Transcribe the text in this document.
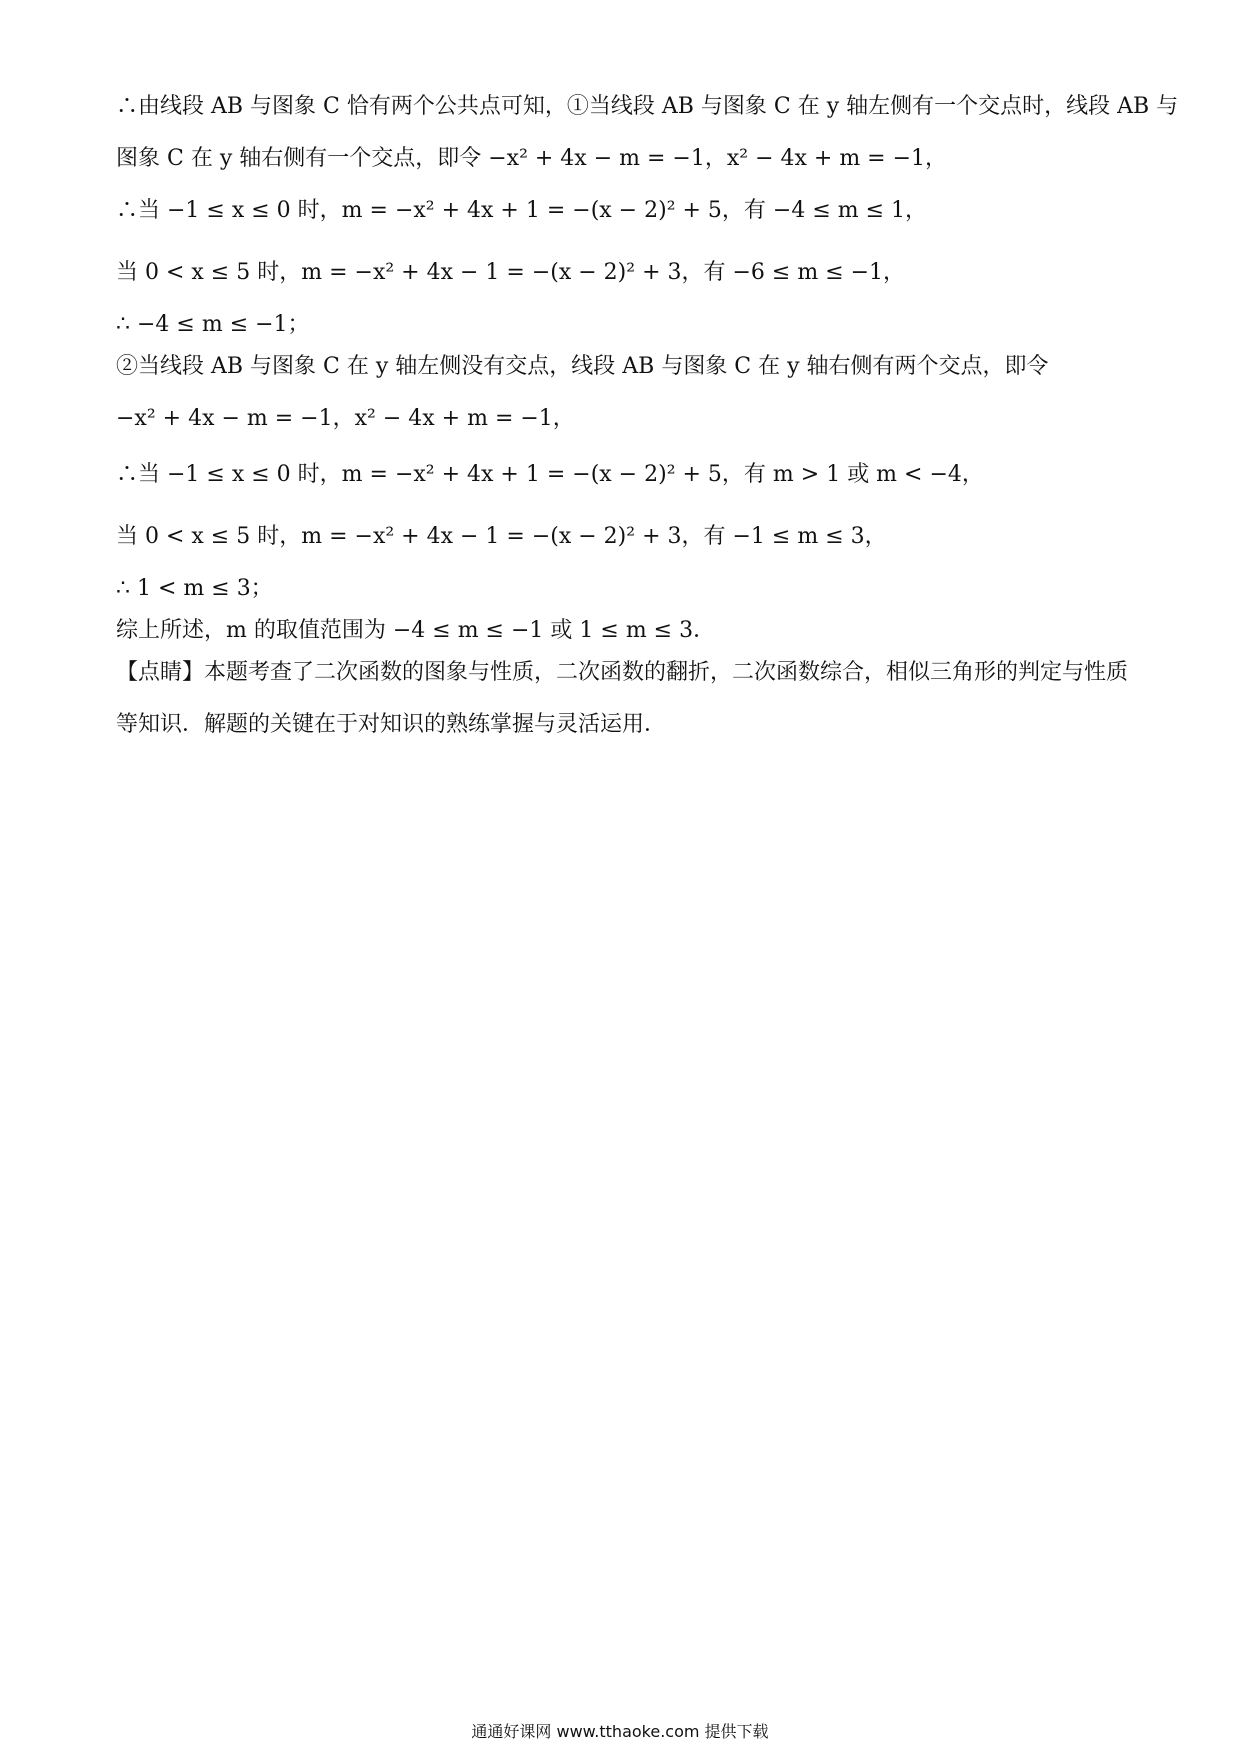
∴由线段 AB 与图象 C 恰有两个公共点可知，①当线段 AB 与图象 C 在 y 轴左侧有一个交点时，线段 AB 与
图象 C 在 y 轴右侧有一个交点，即令 −x² + 4x − m = −1，x² − 4x + m = −1，
∴当 −1 ≤ x ≤ 0 时，m = −x² + 4x + 1 = −(x − 2)² + 5，有 −4 ≤ m ≤ 1，
当 0 < x ≤ 5 时，m = −x² + 4x − 1 = −(x − 2)² + 3，有 −6 ≤ m ≤ −1，
∴ −4 ≤ m ≤ −1；
②当线段 AB 与图象 C 在 y 轴左侧没有交点，线段 AB 与图象 C 在 y 轴右侧有两个交点，即令
−x² + 4x − m = −1，x² − 4x + m = −1，
∴当 −1 ≤ x ≤ 0 时，m = −x² + 4x + 1 = −(x − 2)² + 5，有 m > 1 或 m < −4，
当 0 < x ≤ 5 时，m = −x² + 4x − 1 = −(x − 2)² + 3，有 −1 ≤ m ≤ 3，
∴ 1 < m ≤ 3；
综上所述，m 的取值范围为 −4 ≤ m ≤ −1 或 1 ≤ m ≤ 3．
【点睛】本题考查了二次函数的图象与性质，二次函数的翻折，二次函数综合，相似三角形的判定与性质
等知识．解题的关键在于对知识的熟练掌握与灵活运用．
通通好课网 www.tthaoke.com 提供下载
